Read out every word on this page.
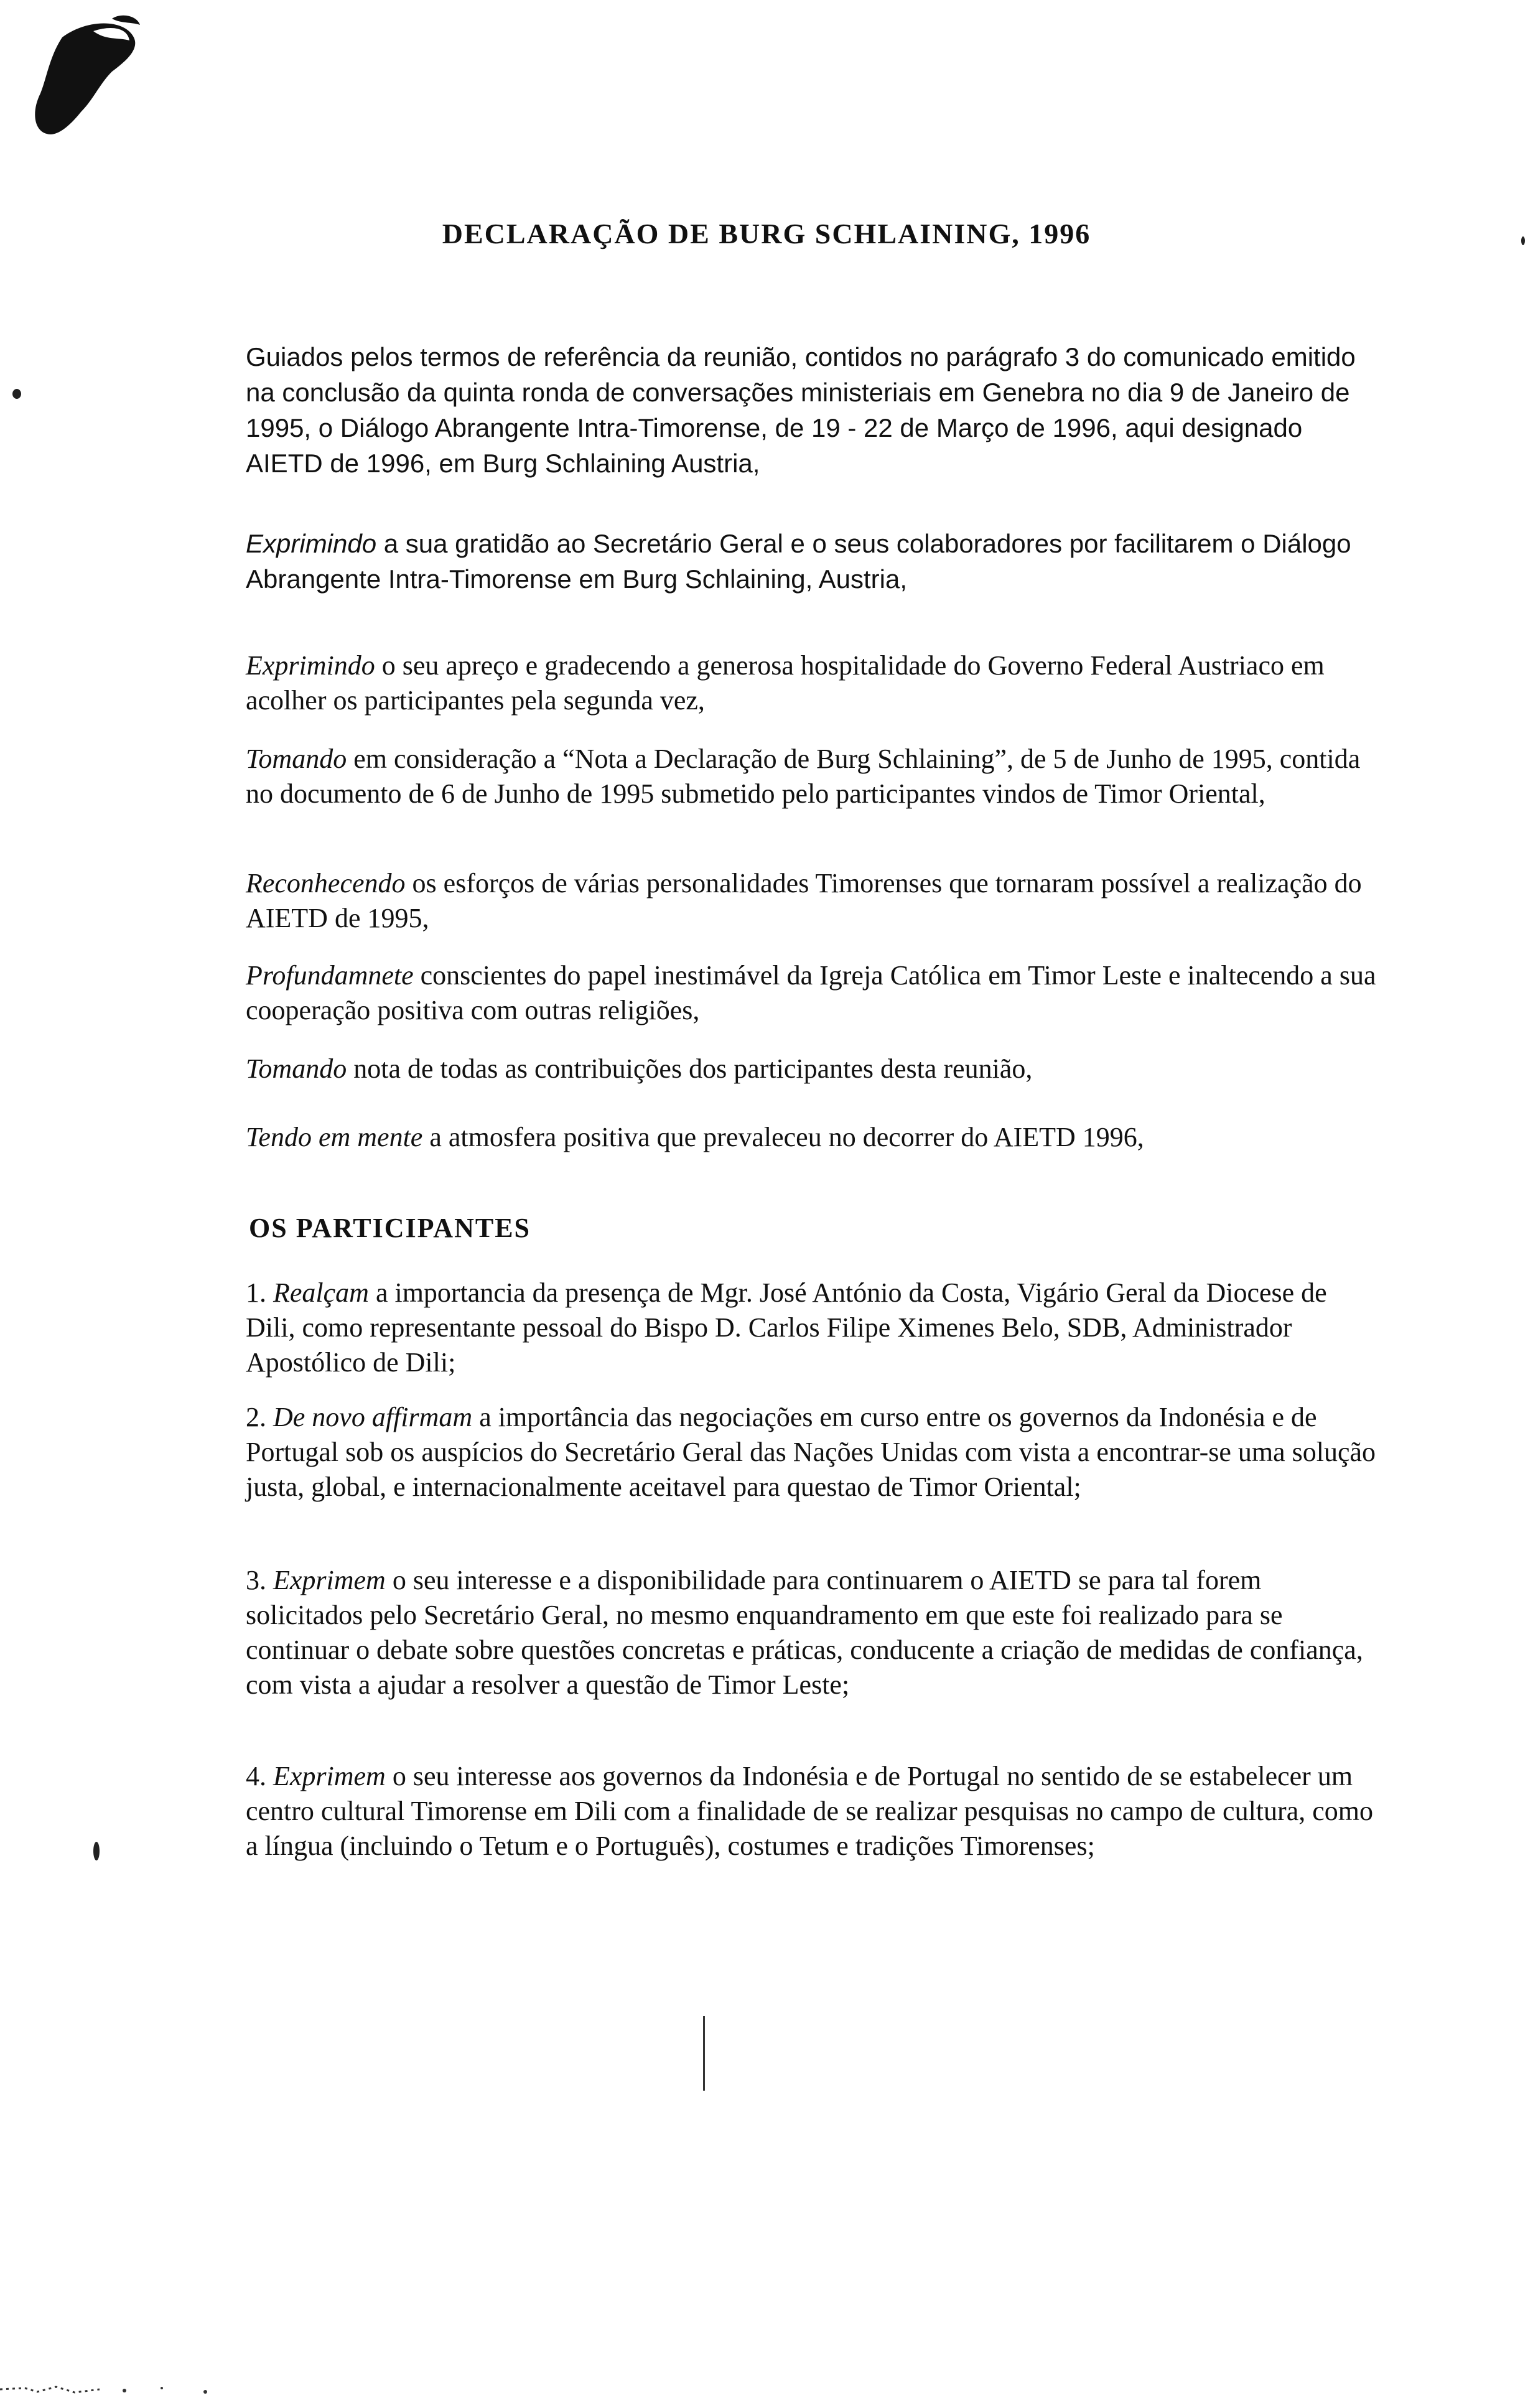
DECLARAÇÃO DE BURG SCHLAINING, 1996

Guiados pelos termos de referência da reunião, contidos no parágrafo 3 do comunicado emitido na conclusão da quinta ronda de conversações ministeriais em Genebra no dia 9 de Janeiro de 1995, o Diálogo Abrangente Intra-Timorense, de 19 - 22 de Março de 1996, aqui designado AIETD de 1996, em Burg Schlaining Austria,

Exprimindo a sua gratidão ao Secretário Geral e o seus colaboradores por facilitarem o Diálogo Abrangente Intra-Timorense em Burg Schlaining, Austria,

Exprimindo o seu apreço e gradecendo a generosa hospitalidade do Governo Federal Austriaco em acolher os participantes pela segunda vez,

Tomando em consideração a “Nota a Declaração de Burg Schlaining”, de 5 de Junho de 1995, contida no documento de 6 de Junho de 1995 submetido pelo participantes vindos de Timor Oriental,

Reconhecendo os esforços de várias personalidades Timorenses que tornaram possível a realização do AIETD de 1995,

Profundamnete conscientes do papel inestimável da Igreja Católica em Timor Leste e inaltecendo a sua cooperação positiva com outras religiões,

Tomando nota de todas as contribuições dos participantes desta reunião,

Tendo em mente a atmosfera positiva que prevaleceu no decorrer do AIETD 1996,

OS PARTICIPANTES

1. Realçam a importancia da presença de Mgr. José António da Costa, Vigário Geral da Diocese de Dili, como representante pessoal do Bispo D. Carlos Filipe Ximenes Belo, SDB, Administrador Apostólico de Dili;

2. De novo affirmam a importância das negociações em curso entre os governos da Indonésia e de Portugal sob os auspícios do Secretário Geral das Nações Unidas com vista a encontrar-se uma solução justa, global, e internacionalmente aceitavel para questao de Timor Oriental;

3. Exprimem o seu interesse e a disponibilidade para continuarem o AIETD se para tal forem solicitados pelo Secretário Geral, no mesmo enquandramento em que este foi realizado para se continuar o debate sobre questões concretas e práticas, conducente a criação de medidas de confiança, com vista a ajudar a resolver a questão de Timor Leste;

4. Exprimem o seu interesse aos governos da Indonésia e de Portugal no sentido de se estabelecer um centro cultural Timorense em Dili com a finalidade de se realizar pesquisas no campo de cultura, como a língua (incluindo o Tetum e o Português), costumes e tradições Timorenses;
